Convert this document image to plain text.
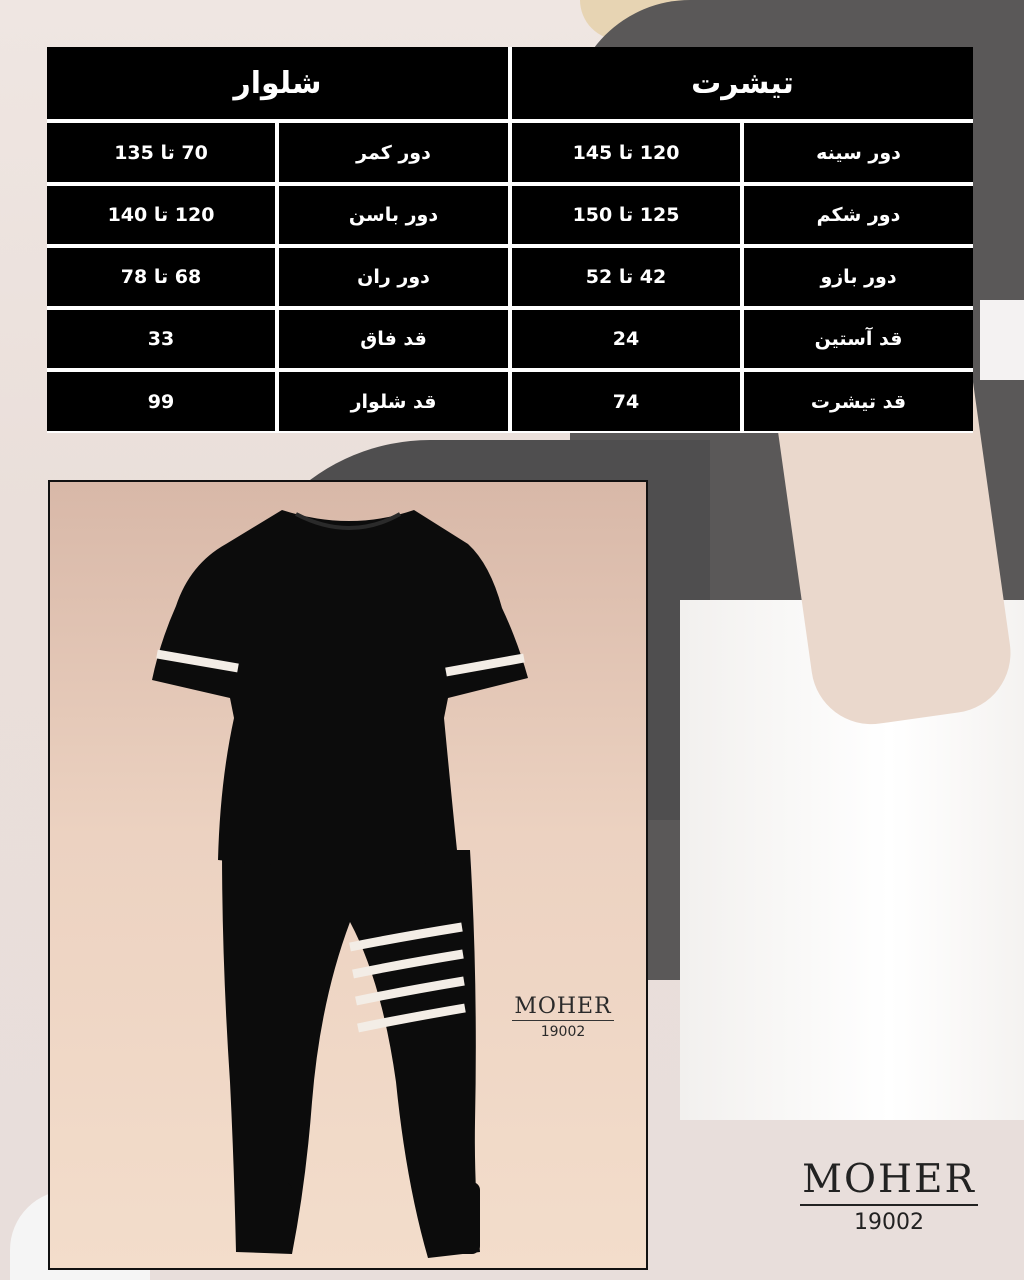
شلوار	تیشرت
70 تا 135	دور کمر	120 تا 145	دور سینه
120 تا 140	دور باسن	125 تا 150	دور شکم
68 تا 78	دور ران	42 تا 52	دور بازو
33	قد فاق	24	قد آستین
99	قد شلوار	74	قد تیشرت
MOHER
19002
MOHER
19002
